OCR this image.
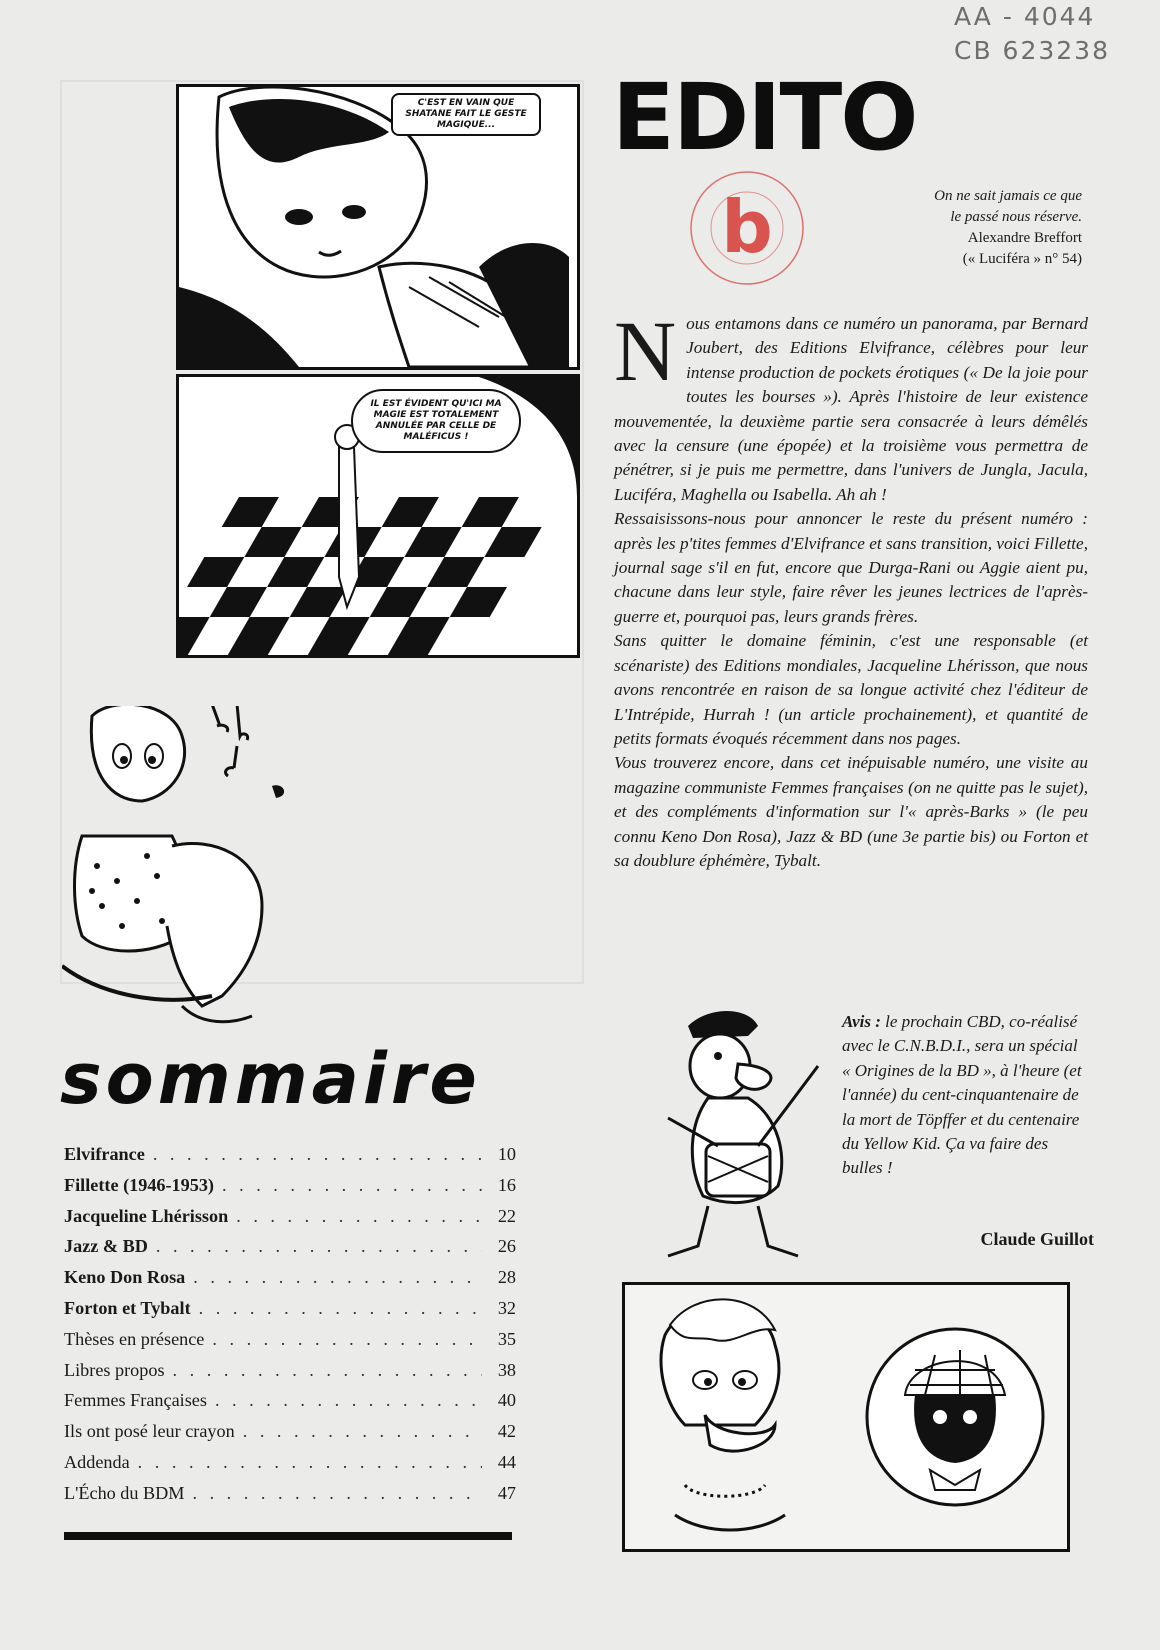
AA - 4044
CB 623238
C'EST EN VAIN QUE SHATANE FAIT LE GESTE MAGIQUE...
IL EST ÉVIDENT QU'ICI MA MAGIE EST TOTALEMENT ANNULÉE PAR CELLE DE MALÉFICUS !
EDITO
b	On ne sait jamais ce que
le passé nous réserve.
Alexandre Breffort
(« Luciféra » n° 54)

Nous entamons dans ce numéro un panorama, par Bernard Joubert, des Editions Elvifrance, célèbres pour leur intense production de pockets érotiques (« De la joie pour toutes les bourses »). Après l'histoire de leur existence mouvementée, la deuxième partie sera consacrée à leurs démêlés avec la censure (une épopée) et la troisième vous permettra de pénétrer, si je puis me permettre, dans l'univers de Jungla, Jacula, Luciféra, Maghella ou Isabella. Ah ah !

Ressaisissons-nous pour annoncer le reste du présent numéro : après les p'tites femmes d'Elvifrance et sans transition, voici Fillette, journal sage s'il en fut, encore que Durga-Rani ou Aggie aient pu, chacune dans leur style, faire rêver les jeunes lectrices de l'après-guerre et, pourquoi pas, leurs grands frères.

Sans quitter le domaine féminin, c'est une responsable (et scénariste) des Editions mondiales, Jacqueline Lhérisson, que nous avons rencontrée en raison de sa longue activité chez l'éditeur de L'Intrépide, Hurrah ! (un article prochainement), et quantité de petits formats évoqués récemment dans nos pages.

Vous trouverez encore, dans cet inépuisable numéro, une visite au magazine communiste Femmes françaises (on ne quitte pas le sujet), et des compléments d'information sur l'« après-Barks » (le peu connu Keno Don Rosa), Jazz & BD (une 3e partie bis) ou Forton et sa doublure éphémère, Tybalt.

Avis : le prochain CBD, co-réalisé avec le C.N.B.D.I., sera un spécial « Origines de la BD », à l'heure (et l'année) du cent-cinquantenaire de la mort de Töpffer et du centenaire du Yellow Kid. Ça va faire des bulles !
Claude Guillot
sommaire
Elvifrance . . .	10
Fillette (1946-1953) . . .	16
Jacqueline Lhérisson . . .	22
Jazz & BD . . .	26
Keno Don Rosa . . .	28
Forton et Tybalt . . .	32
Thèses en présence . . .	35
Libres propos . . .	38
Femmes Françaises . . .	40
Ils ont posé leur crayon . . .	42
Addenda . . .	44
L'Écho du BDM . . .	47
